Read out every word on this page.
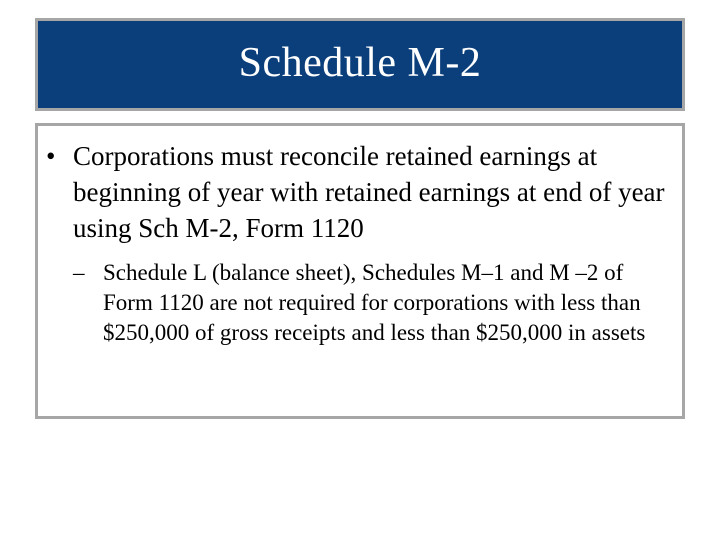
Schedule M-2
• Corporations must reconcile retained earnings at beginning of year with retained earnings at end of year using Sch M-2, Form 1120
– Schedule L (balance sheet), Schedules M–1 and M –2 of Form 1120 are not required for corporations with less than $250,000 of gross receipts and less than $250,000 in assets
